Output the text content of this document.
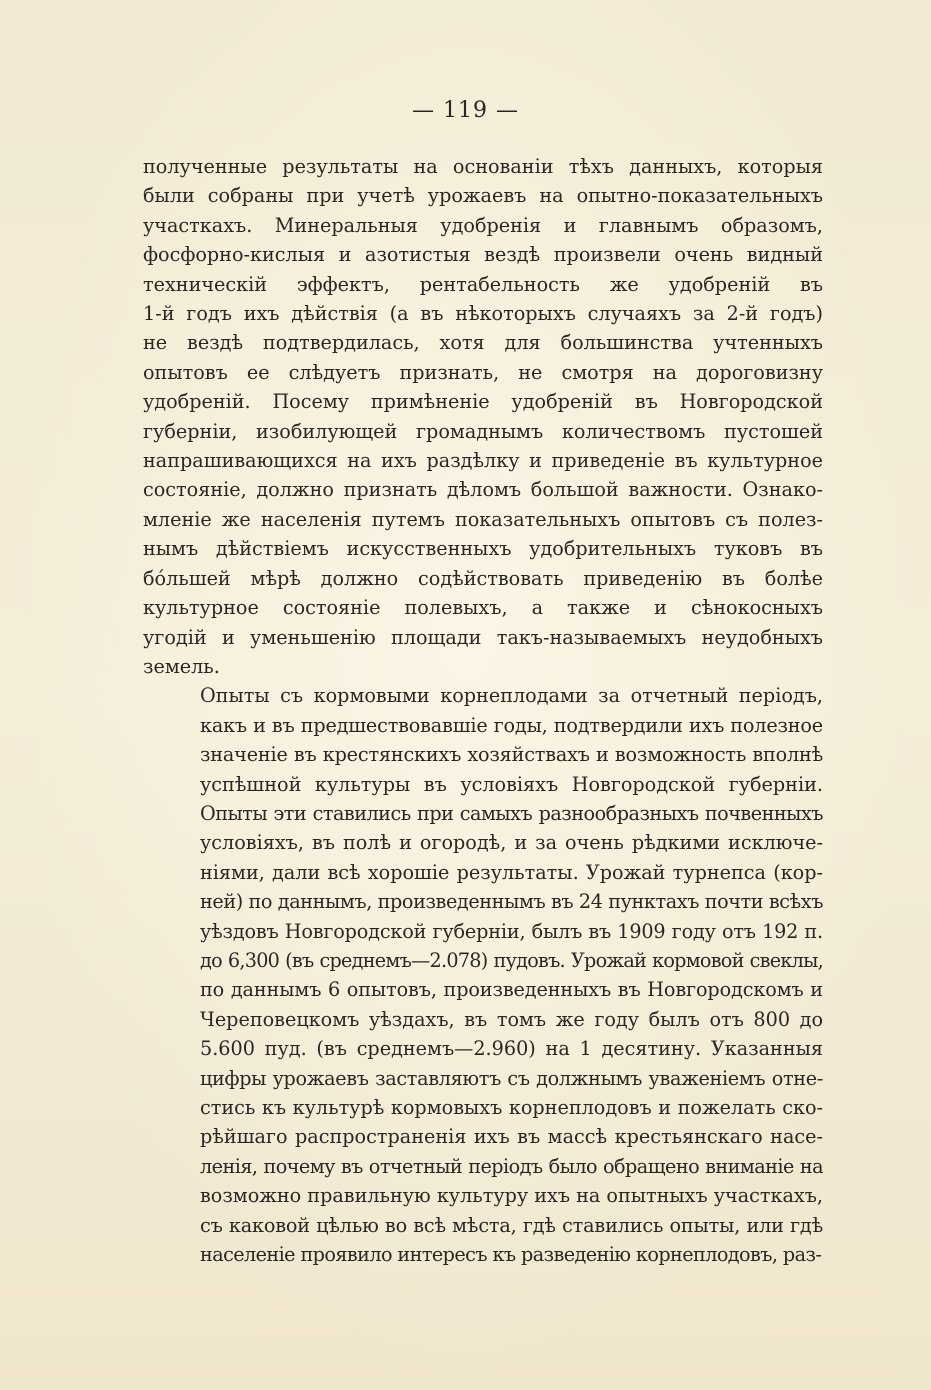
— 119 —
полученные результаты на основанiи тѣхъ данныхъ, которыя
были собраны при учетѣ урожаевъ на опытно-показательныхъ
участкахъ. Минеральныя удобренiя и главнымъ образомъ,
фосфорно-кислыя и азотистыя вездѣ произвели очень видный
техническiй эффектъ, рентабельность же удобренiй въ
1-й годъ ихъ дѣйствiя (а въ нѣкоторыхъ случаяхъ за 2-й годъ)
не вездѣ подтвердилась, хотя для большинства учтенныхъ
опытовъ ее слѣдуетъ признать, не смотря на дороговизну
удобренiй. Посему примѣненiе удобренiй въ Новгородской
губернiи, изобилующей громаднымъ количествомъ пустошей
напрашивающихся на ихъ раздѣлку и приведенiе въ культурное
состоянiе, должно признать дѣломъ большой важности. Ознако-
мленiе же населенiя путемъ показательныхъ опытовъ съ полез-
нымъ дѣйствiемъ искусственныхъ удобрительныхъ туковъ въ
бóльшей мѣрѣ должно содѣйствовать приведенiю въ болѣе
культурное состоянiе полевыхъ, а также и сѣнокосныхъ
угодiй и уменьшенiю площади такъ-называемыхъ неудобныхъ
земель.
Опыты съ кормовыми корнеплодами за отчетный перiодъ,
какъ и въ предшествовавшiе годы, подтвердили ихъ полезное
значенiе въ крестянскихъ хозяйствахъ и возможность вполнѣ
успѣшной культуры въ условiяхъ Новгородской губернiи.
Опыты эти ставились при самыхъ разнообразныхъ почвенныхъ
условiяхъ, въ полѣ и огородѣ, и за очень рѣдкими исключе-
нiями, дали всѣ хорошiе результаты. Урожай турнепса (кор-
ней) по даннымъ, произведеннымъ въ 24 пунктахъ почти всѣхъ
уѣздовъ Новгородской губернiи, былъ въ 1909 году отъ 192 п.
до 6,300 (въ среднемъ—2.078) пудовъ. Урожай кормовой свеклы,
по даннымъ 6 опытовъ, произведенныхъ въ Новгородскомъ и
Череповецкомъ уѣздахъ, въ томъ же году былъ отъ 800 до
5.600 пуд. (въ среднемъ—2.960) на 1 десятину. Указанныя
цифры урожаевъ заставляютъ съ должнымъ уваженiемъ отне-
стись къ культурѣ кормовыхъ корнеплодовъ и пожелать ско-
рѣйшаго распространенiя ихъ въ массѣ крестьянскаго насе-
ленiя, почему въ отчетный перiодъ было обращено вниманiе на
возможно правильную культуру ихъ на опытныхъ участкахъ,
съ каковой цѣлью во всѣ мѣста, гдѣ ставились опыты, или гдѣ
населенiе проявило интересъ къ разведенiю корнеплодовъ, раз-
